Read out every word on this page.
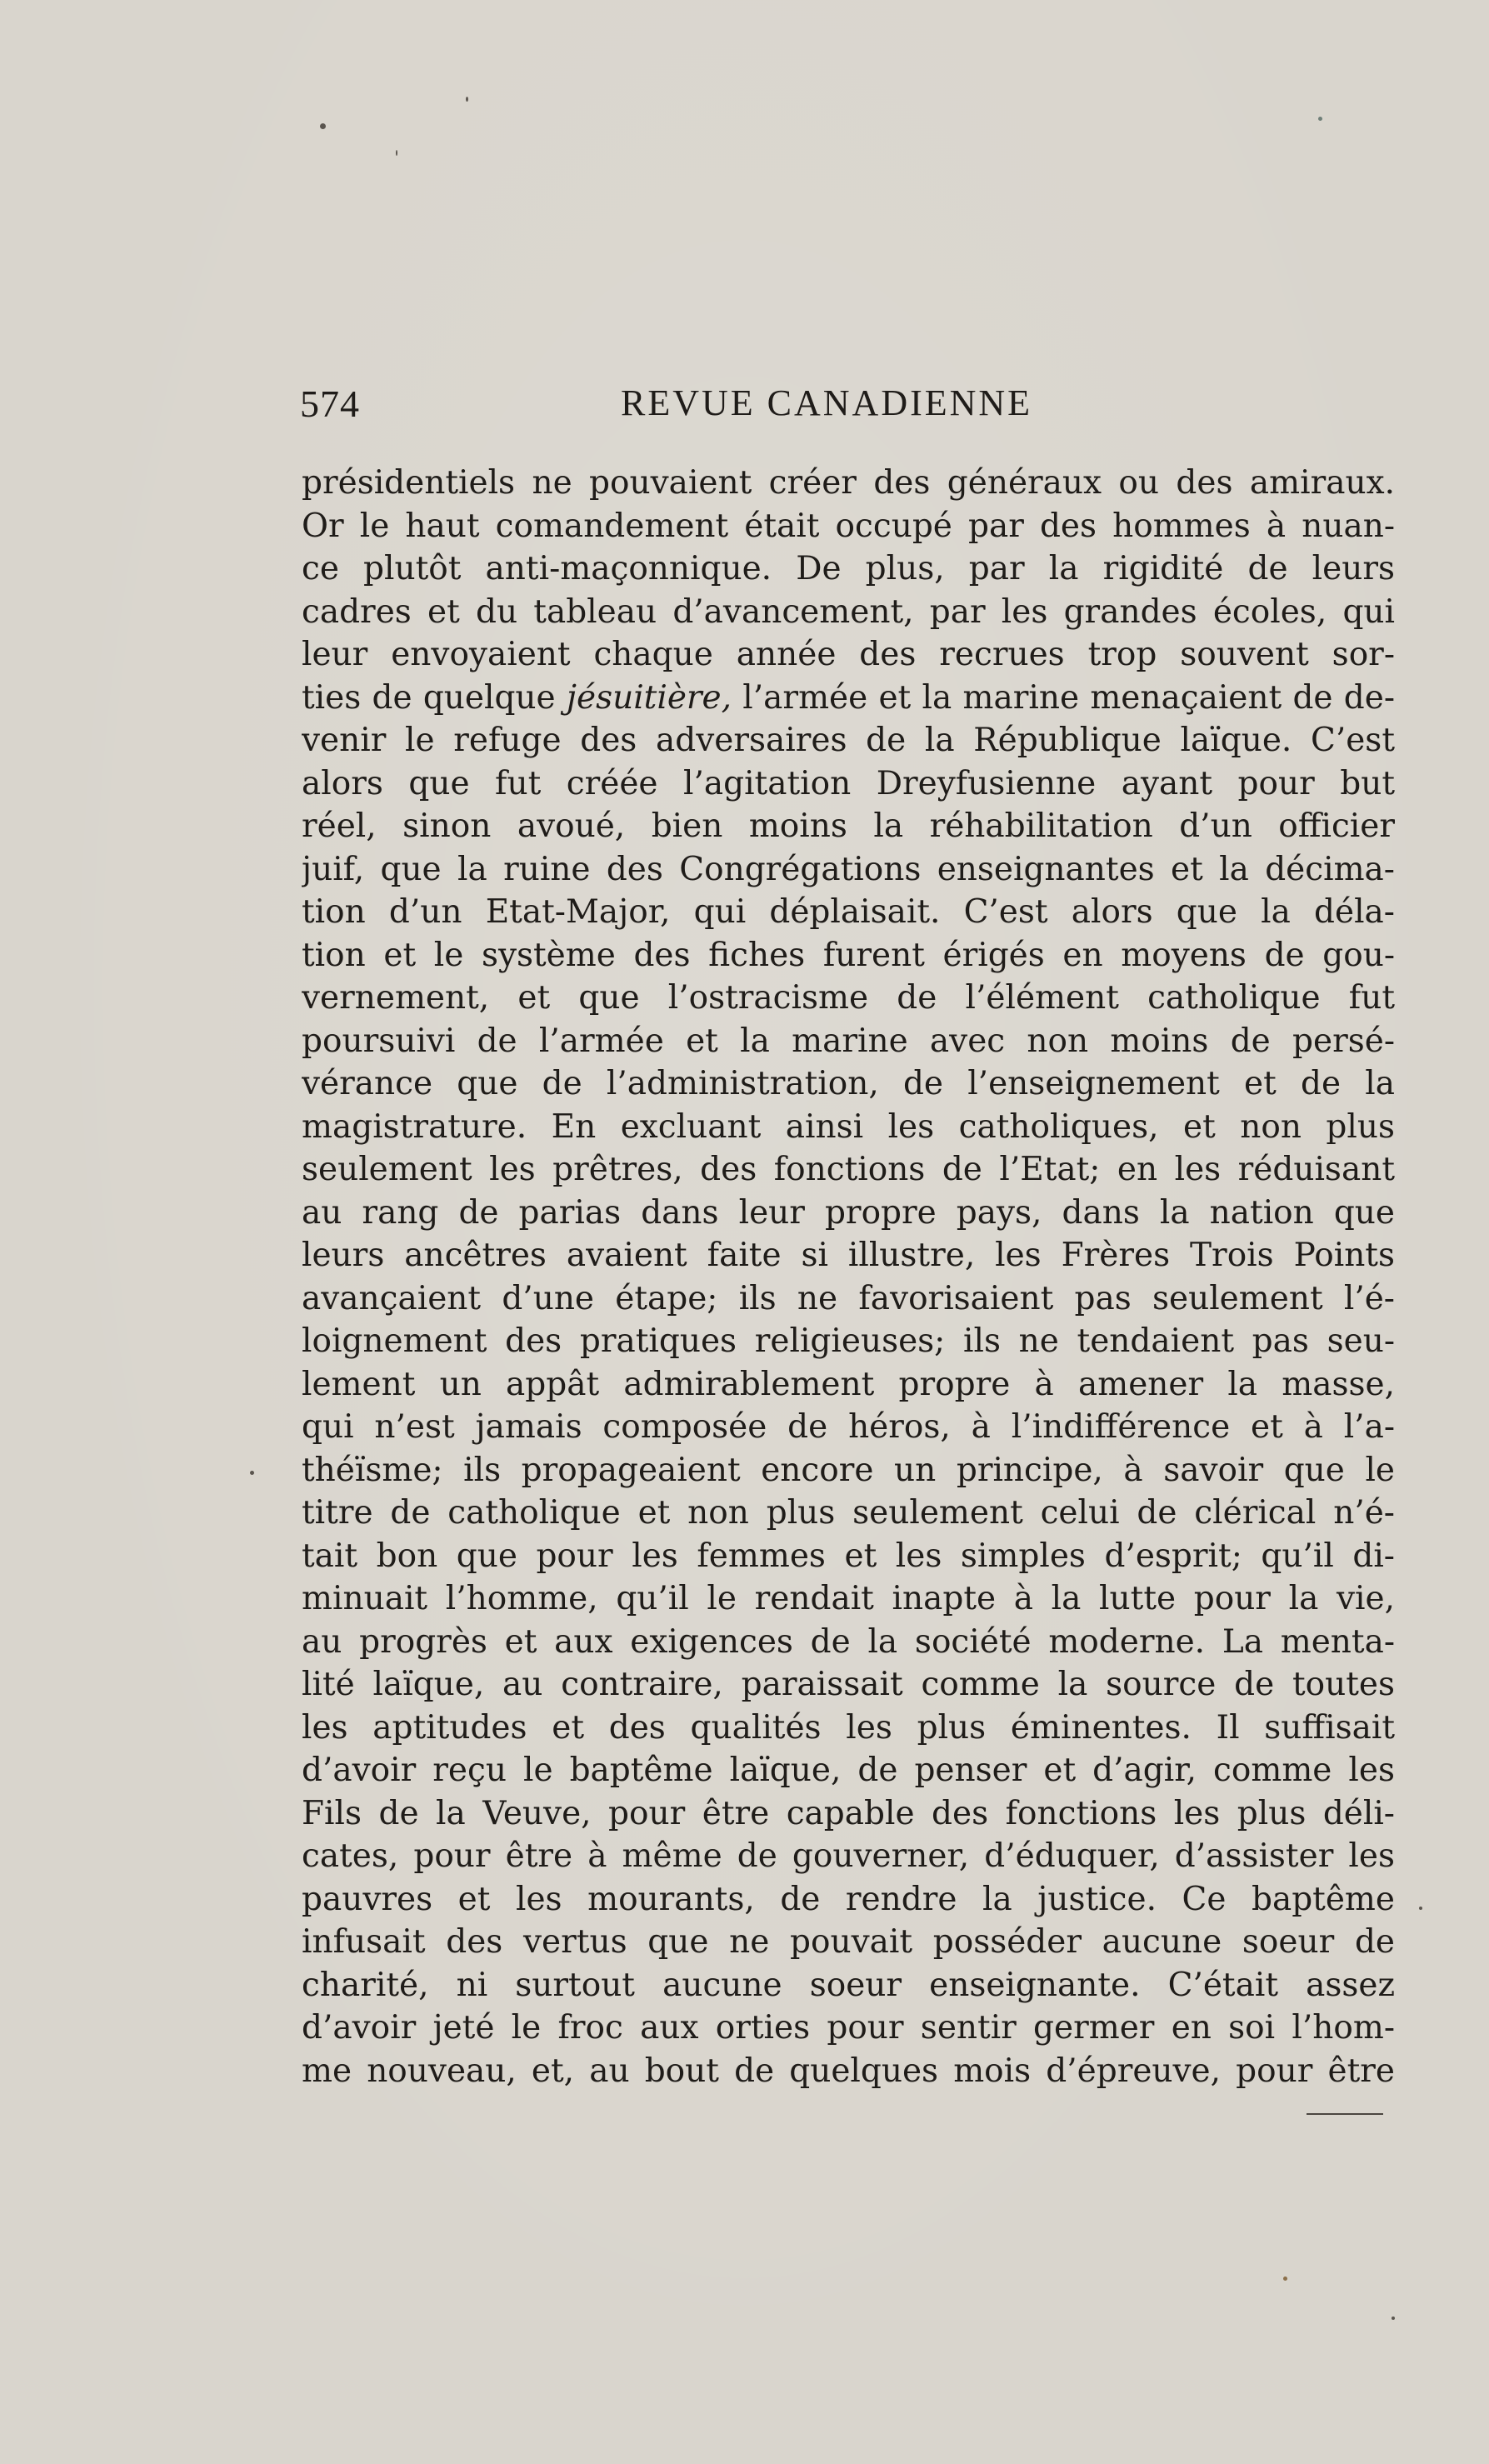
574	REVUE CANADIENNE
présidentiels ne pouvaient créer des généraux ou des amiraux.
Or le haut comandement était occupé par des hommes à nuan-
ce plutôt anti-maçonnique. De plus, par la rigidité de leurs
cadres et du tableau d’avancement, par les grandes écoles, qui
leur envoyaient chaque année des recrues trop souvent sor-
ties de quelque jésuitière, l’armée et la marine menaçaient de de-
venir le refuge des adversaires de la République laïque. C’est
alors que fut créée l’agitation Dreyfusienne ayant pour but
réel, sinon avoué, bien moins la réhabilitation d’un officier
juif, que la ruine des Congrégations enseignantes et la décima-
tion d’un Etat-Major, qui déplaisait. C’est alors que la déla-
tion et le système des fiches furent érigés en moyens de gou-
vernement, et que l’ostracisme de l’élément catholique fut
poursuivi de l’armée et la marine avec non moins de persé-
vérance que de l’administration, de l’enseignement et de la
magistrature. En excluant ainsi les catholiques, et non plus
seulement les prêtres, des fonctions de l’Etat; en les réduisant
au rang de parias dans leur propre pays, dans la nation que
leurs ancêtres avaient faite si illustre, les Frères Trois Points
avançaient d’une étape; ils ne favorisaient pas seulement l’é-
loignement des pratiques religieuses; ils ne tendaient pas seu-
lement un appât admirablement propre à amener la masse,
qui n’est jamais composée de héros, à l’indifférence et à l’a-
théïsme; ils propageaient encore un principe, à savoir que le
titre de catholique et non plus seulement celui de clérical n’é-
tait bon que pour les femmes et les simples d’esprit; qu’il di-
minuait l’homme, qu’il le rendait inapte à la lutte pour la vie,
au progrès et aux exigences de la société moderne. La menta-
lité laïque, au contraire, paraissait comme la source de toutes
les aptitudes et des qualités les plus éminentes. Il suffisait
d’avoir reçu le baptême laïque, de penser et d’agir, comme les
Fils de la Veuve, pour être capable des fonctions les plus déli-
cates, pour être à même de gouverner, d’éduquer, d’assister les
pauvres et les mourants, de rendre la justice. Ce baptême
infusait des vertus que ne pouvait posséder aucune soeur de
charité, ni surtout aucune soeur enseignante. C’était assez
d’avoir jeté le froc aux orties pour sentir germer en soi l’hom-
me nouveau, et, au bout de quelques mois d’épreuve, pour être
